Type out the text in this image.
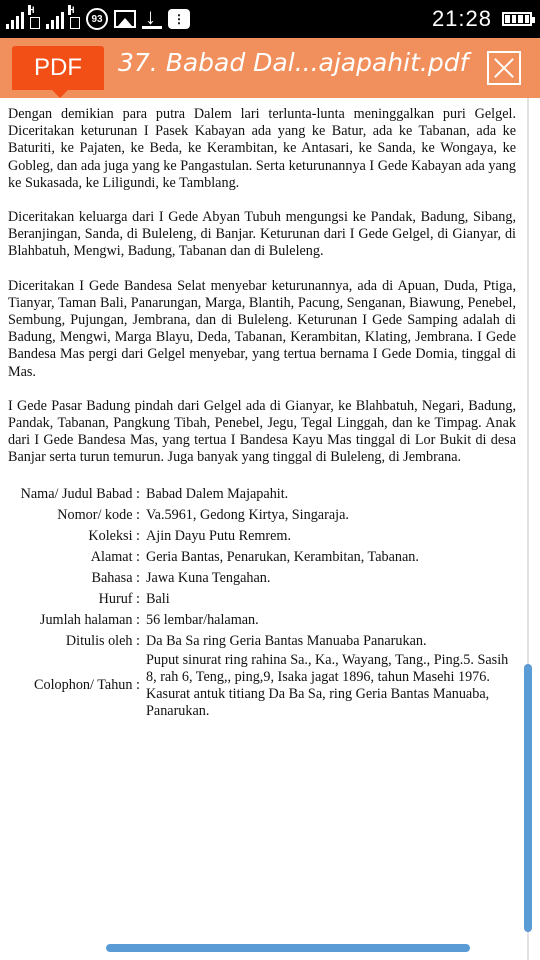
H	H
93 ↓	⋮	21:28
PDF	37. Babad Dal...ajapahit.pdf

Dengan demikian para putra Dalem lari terlunta-lunta meninggalkan puri Gelgel. Diceritakan keturunan I Pasek Kabayan ada yang ke Batur, ada ke Tabanan, ada ke Baturiti, ke Pajaten, ke Beda, ke Kerambitan, ke Antasari, ke Sanda, ke Wongaya, ke Gobleg, dan ada juga yang ke Pangastulan. Serta keturunannya I Gede Kabayan ada yang ke Sukasada, ke Liligundi, ke Tamblang.

Diceritakan keluarga dari I Gede Abyan Tubuh mengungsi ke Pandak, Badung, Sibang, Beranjingan, Sanda, di Buleleng, di Banjar. Keturunan dari I Gede Gelgel, di Gianyar, di Blahbatuh, Mengwi, Badung, Tabanan dan di Buleleng.

Diceritakan I Gede Bandesa Selat menyebar keturunannya, ada di Apuan, Duda, Ptiga, Tianyar, Taman Bali, Panarungan, Marga, Blantih, Pacung, Senganan, Biawung, Penebel, Sembung, Pujungan, Jembrana, dan di Buleleng. Keturunan I Gede Samping adalah di Badung, Mengwi, Marga Blayu, Deda, Tabanan, Kerambitan, Klating, Jembrana. I Gede Bandesa Mas pergi dari Gelgel menyebar, yang tertua bernama I Gede Domia, tinggal di Mas.

I Gede Pasar Badung pindah dari Gelgel ada di Gianyar, ke Blahbatuh, Negari, Badung, Pandak, Tabanan, Pangkung Tibah, Penebel, Jegu, Tegal Linggah, dan ke Timpag. Anak dari I Gede Bandesa Mas, yang tertua I Bandesa Kayu Mas tinggal di Lor Bukit di desa Banjar serta turun temurun. Juga banyak yang tinggal di Buleleng, di Jembrana.

Nama/ Judul Babad :	Babad Dalem Majapahit.
Nomor/ kode :	Va.5961, Gedong Kirtya, Singaraja.
Koleksi :	Ajin Dayu Putu Remrem.
Alamat :	Geria Bantas, Penarukan, Kerambitan, Tabanan.
Bahasa :	Jawa Kuna Tengahan.
Huruf :	Bali
Jumlah halaman :	56 lembar/halaman.
Ditulis oleh :	Da Ba Sa ring Geria Bantas Manuaba Panarukan.
Colophon/ Tahun :	Puput sinurat ring rahina Sa., Ka., Wayang, Tang., Ping.5. Sasih 8, rah 6, Teng,, ping,9, Isaka jagat 1896, tahun Masehi 1976. Kasurat antuk titiang Da Ba Sa, ring Geria Bantas Manuaba, Panarukan.
